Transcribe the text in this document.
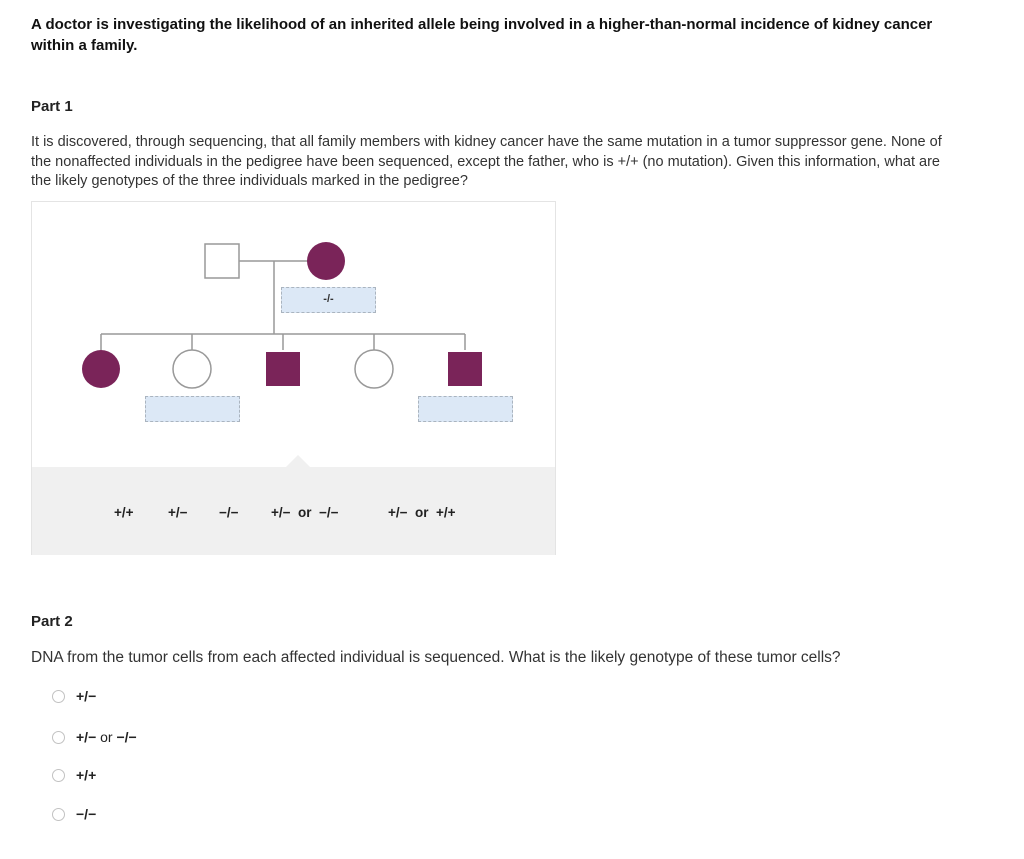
A doctor is investigating the likelihood of an inherited allele being involved in a higher-than-normal incidence of kidney cancer within a family.
Part 1
It is discovered, through sequencing, that all family members with kidney cancer have the same mutation in a tumor suppressor gene. None of the nonaffected individuals in the pedigree have been sequenced, except the father, who is +/+ (no mutation). Given this information, what are the likely genotypes of the three individuals marked in the pedigree?
-/-
+/+	+/− −/− +/−  or  −/−	+/−  or  +/+
Part 2
DNA from the tumor cells from each affected individual is sequenced. What is the likely genotype of these tumor cells?
+/−
+/− or −/−
+/+
−/−
